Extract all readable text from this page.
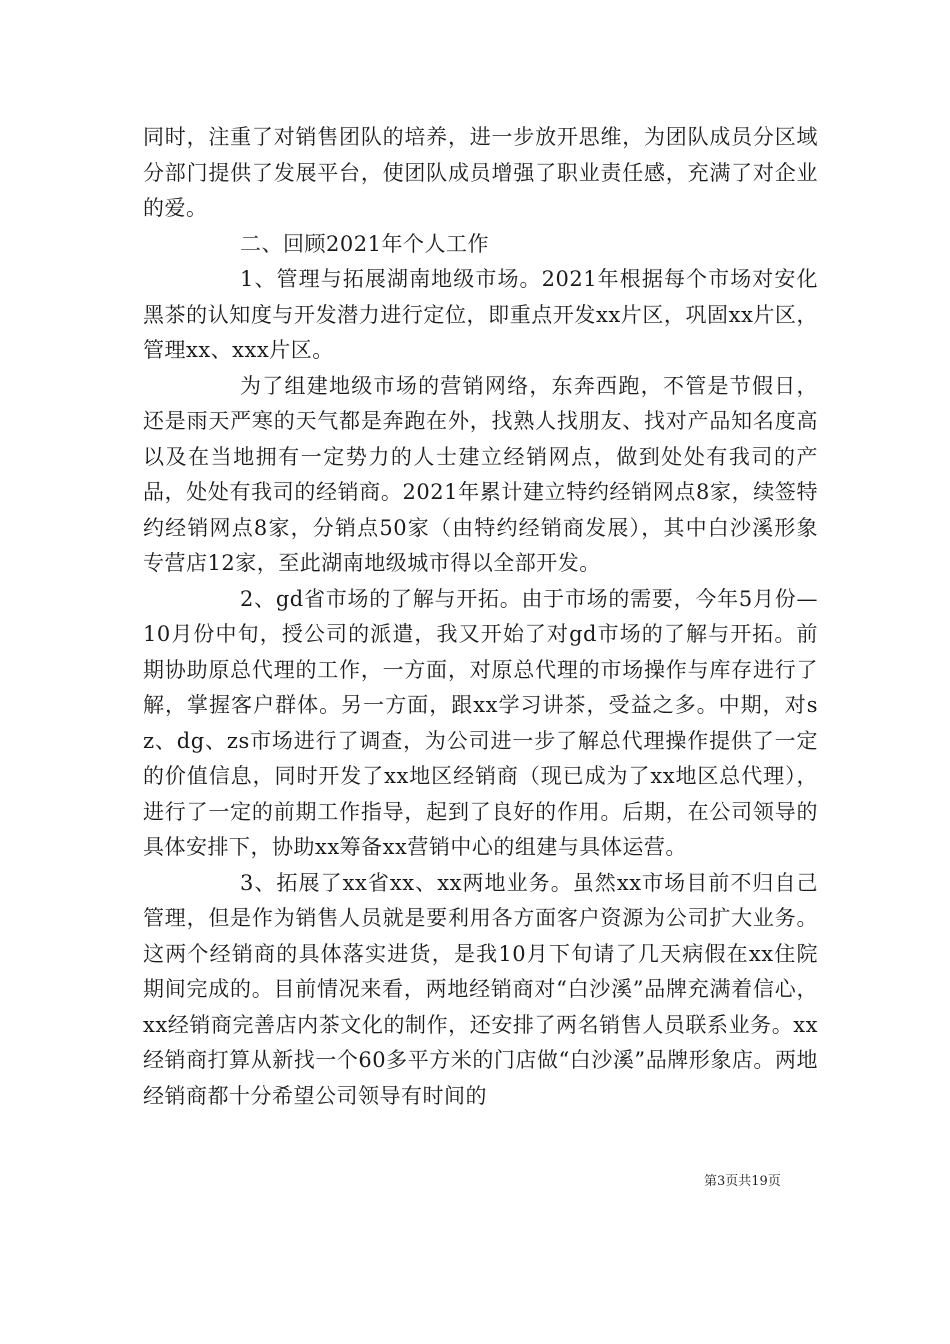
同时，注重了对销售团队的培养，进一步放开思维，为团队成员分区域分部门提供了发展平台，使团队成员增强了职业责任感，充满了对企业的爱。

二、回顾2021年个人工作

1、管理与拓展湖南地级市场。2021年根据每个市场对安化黑茶的认知度与开发潜力进行定位，即重点开发xx片区，巩固xx片区，管理xx、xxx片区。

为了组建地级市场的营销网络，东奔西跑，不管是节假日，还是雨天严寒的天气都是奔跑在外，找熟人找朋友、找对产品知名度高以及在当地拥有一定势力的人士建立经销网点，做到处处有我司的产品，处处有我司的经销商。2021年累计建立特约经销网点8家，续签特约经销网点8家，分销点50家（由特约经销商发展），其中白沙溪形象专营店12家，至此湖南地级城市得以全部开发。

2、gd省市场的了解与开拓。由于市场的需要，今年5月份—10月份中旬，授公司的派遣，我又开始了对gd市场的了解与开拓。前期协助原总代理的工作，一方面，对原总代理的市场操作与库存进行了解，掌握客户群体。另一方面，跟xx学习讲茶，受益之多。中期，对sz、dg、zs市场进行了调查，为公司进一步了解总代理操作提供了一定的价值信息，同时开发了xx地区经销商（现已成为了xx地区总代理），进行了一定的前期工作指导，起到了良好的作用。后期，在公司领导的具体安排下，协助xx筹备xx营销中心的组建与具体运营。

3、拓展了xx省xx、xx两地业务。虽然xx市场目前不归自己管理，但是作为销售人员就是要利用各方面客户资源为公司扩大业务。这两个经销商的具体落实进货，是我10月下旬请了几天病假在xx住院期间完成的。目前情况来看，两地经销商对“白沙溪”品牌充满着信心，xx经销商完善店内茶文化的制作，还安排了两名销售人员联系业务。xx经销商打算从新找一个60多平方米的门店做“白沙溪”品牌形象店。两地经销商都十分希望公司领导有时间的

第3页共19页
